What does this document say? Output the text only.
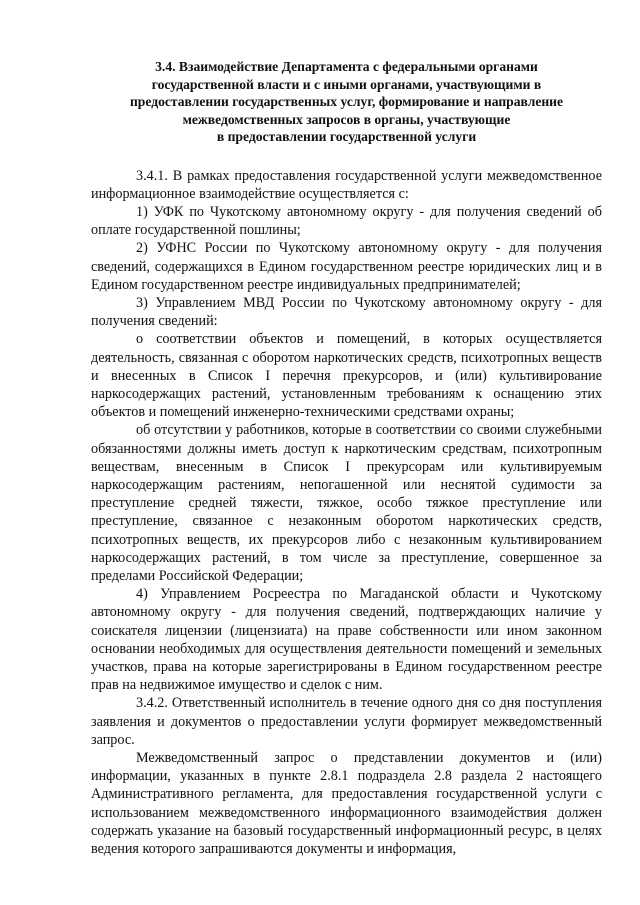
3.4. Взаимодействие Департамента с федеральными органами
государственной власти и с иными органами, участвующими в
предоставлении государственных услуг, формирование и направление
межведомственных запросов в органы, участвующие
в предоставлении государственной услуги

3.4.1. В рамках предоставления государственной услуги межведомственное информационное взаимодействие осуществляется с:

1) УФК по Чукотскому автономному округу - для получения сведений об оплате государственной пошлины;

2) УФНС России по Чукотскому автономному округу - для получения сведений, содержащихся в Едином государственном реестре юридических лиц и в Едином государственном реестре индивидуальных предпринимателей;

3) Управлением МВД России по Чукотскому автономному округу - для получения сведений:

о соответствии объектов и помещений, в которых осуществляется деятельность, связанная с оборотом наркотических средств, психотропных веществ и внесенных в Список I перечня прекурсоров, и (или) культивирование наркосодержащих растений, установленным требованиям к оснащению этих объектов и помещений инженерно-техническими средствами охраны;

об отсутствии у работников, которые в соответствии со своими служебными обязанностями должны иметь доступ к наркотическим средствам, психотропным веществам, внесенным в Список I прекурсорам или культивируемым наркосодержащим растениям, непогашенной или неснятой судимости за преступление средней тяжести, тяжкое, особо тяжкое преступление или преступление, связанное с незаконным оборотом наркотических средств, психотропных веществ, их прекурсоров либо с незаконным культивированием наркосодержащих растений, в том числе за преступление, совершенное за пределами Российской Федерации;

4) Управлением Росреестра по Магаданской области и Чукотскому автономному округу - для получения сведений, подтверждающих наличие у соискателя лицензии (лицензиата) на праве собственности или ином законном основании необходимых для осуществления деятельности помещений и земельных участков, права на которые зарегистрированы в Едином государственном реестре прав на недвижимое имущество и сделок с ним.

3.4.2. Ответственный исполнитель в течение одного дня со дня поступления заявления и документов о предоставлении услуги формирует межведомственный запрос.

Межведомственный запрос о представлении документов и (или) информации, указанных в пункте 2.8.1 подраздела 2.8 раздела 2 настоящего Административного регламента, для предоставления государственной услуги с использованием межведомственного информационного взаимодействия должен содержать указание на базовый государственный информационный ресурс, в целях ведения которого запрашиваются документы и информация,
